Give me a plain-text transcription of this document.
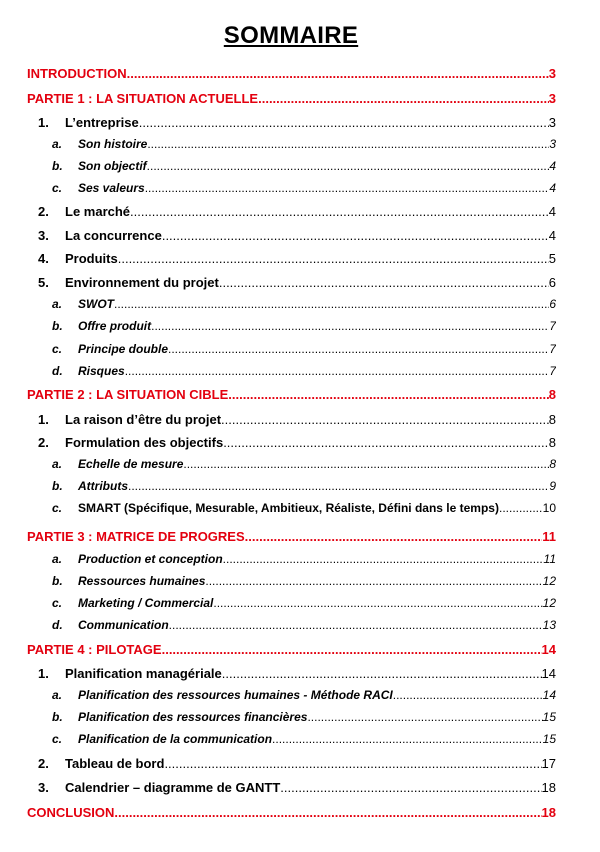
SOMMAIRE
INTRODUCTION .....	3
PARTIE 1 : LA SITUATION ACTUELLE .....	3
1.	L’entreprise .....	3
a.	Son histoire .....	3
b.	Son objectif .....	4
c.	Ses valeurs .....	4
2.	Le marché .....	4
3.	La concurrence .....	4
4.	Produits .....	5
5.	Environnement du projet .....	6
a.	SWOT .....	6
b.	Offre produit .....	7
c.	Principe double .....	7
d.	Risques .....	7
PARTIE 2 : LA SITUATION CIBLE .....	8
1.	La raison d’être du projet .....	8
2.	Formulation des objectifs .....	8
a.	Echelle de mesure .....	8
b.	Attributs .....	9
c.	SMART (Spécifique, Mesurable, Ambitieux, Réaliste, Défini dans le temps) .....	10
PARTIE 3 : MATRICE DE PROGRES .....	11
a.	Production et conception .....	11
b.	Ressources humaines .....	12
c.	Marketing / Commercial .....	12
d.	Communication .....	13
PARTIE 4 : PILOTAGE .....	14
1.	Planification managériale .....	14
a.	Planification des ressources humaines - Méthode RACI .....	14
b.	Planification des ressources financières .....	15
c.	Planification de la communication .....	15
2.	Tableau de bord .....	17
3.	Calendrier – diagramme de GANTT .....	18
CONCLUSION .....	18
